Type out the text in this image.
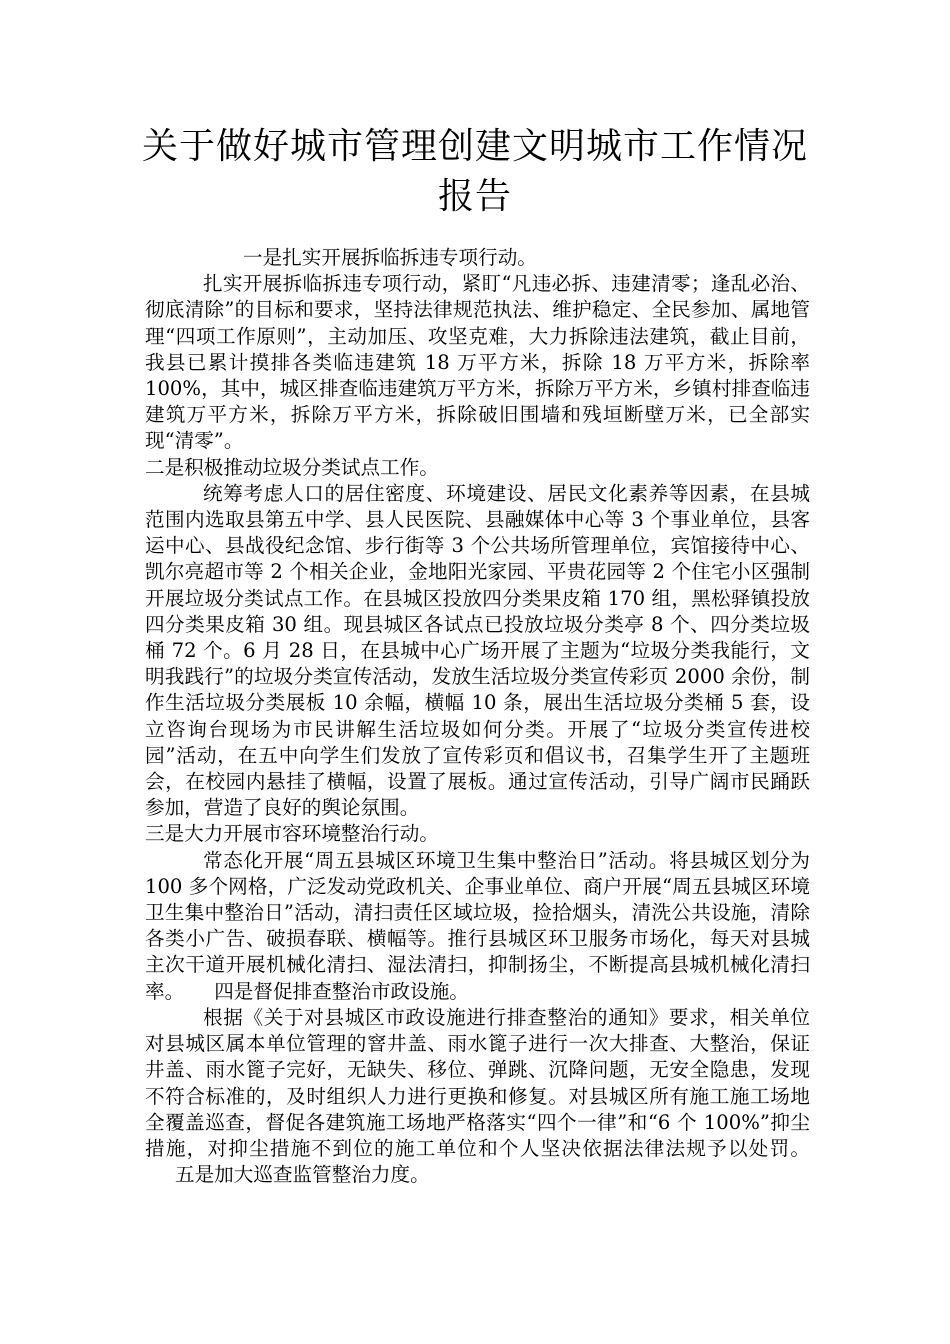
关于做好城市管理创建文明城市工作情况
报告

一是扎实开展拆临拆违专项行动。

扎实开展拆临拆违专项行动，紧盯“凡违必拆、违建清零；逢乱必治、彻底清除”的目标和要求，坚持法律规范执法、维护稳定、全民参加、属地管理“四项工作原则”，主动加压、攻坚克难，大力拆除违法建筑，截止目前，我县已累计摸排各类临违建筑 18 万平方米，拆除 18 万平方米，拆除率 100%，其中，城区排查临违建筑万平方米，拆除万平方米，乡镇村排查临违建筑万平方米，拆除万平方米，拆除破旧围墙和残垣断壁万米，已全部实现“清零”。

二是积极推动垃圾分类试点工作。

统筹考虑人口的居住密度、环境建设、居民文化素养等因素，在县城范围内选取县第五中学、县人民医院、县融媒体中心等 3 个事业单位，县客运中心、县战役纪念馆、步行街等 3 个公共场所管理单位，宾馆接待中心、凯尔亮超市等 2 个相关企业，金地阳光家园、平贵花园等 2 个住宅小区强制开展垃圾分类试点工作。在县城区投放四分类果皮箱 170 组，黑松驿镇投放四分类果皮箱 30 组。现县城区各试点已投放垃圾分类亭 8 个、四分类垃圾桶 72 个。6 月 28 日，在县城中心广场开展了主题为“垃圾分类我能行，文明我践行”的垃圾分类宣传活动，发放生活垃圾分类宣传彩页 2000 余份，制作生活垃圾分类展板 10 余幅，横幅 10 条，展出生活垃圾分类桶 5 套，设立咨询台现场为市民讲解生活垃圾如何分类。开展了“垃圾分类宣传进校园”活动，在五中向学生们发放了宣传彩页和倡议书，召集学生开了主题班会，在校园内悬挂了横幅，设置了展板。通过宣传活动，引导广阔市民踊跃参加，营造了良好的舆论氛围。

三是大力开展市容环境整治行动。

常态化开展“周五县城区环境卫生集中整治日”活动。将县城区划分为 100 多个网格，广泛发动党政机关、企事业单位、商户开展“周五县城区环境卫生集中整治日”活动，清扫责任区域垃圾，捡拾烟头，清洗公共设施，清除各类小广告、破损春联、横幅等。推行县城区环卫服务市场化，每天对县城主次干道开展机械化清扫、湿法清扫，抑制扬尘，不断提高县城机械化清扫率。 四是督促排查整治市政设施。

根据《关于对县城区市政设施进行排查整治的通知》要求，相关单位对县城区属本单位管理的窨井盖、雨水篦子进行一次大排查、大整治，保证井盖、雨水篦子完好，无缺失、移位、弹跳、沉降问题，无安全隐患，发现不符合标准的，及时组织人力进行更换和修复。对县城区所有施工施工场地全覆盖巡查，督促各建筑施工场地严格落实“四个一律”和“6 个 100%”抑尘措施，对抑尘措施不到位的施工单位和个人坚决依据法律法规予以处罚。五是加大巡查监管整治力度。
